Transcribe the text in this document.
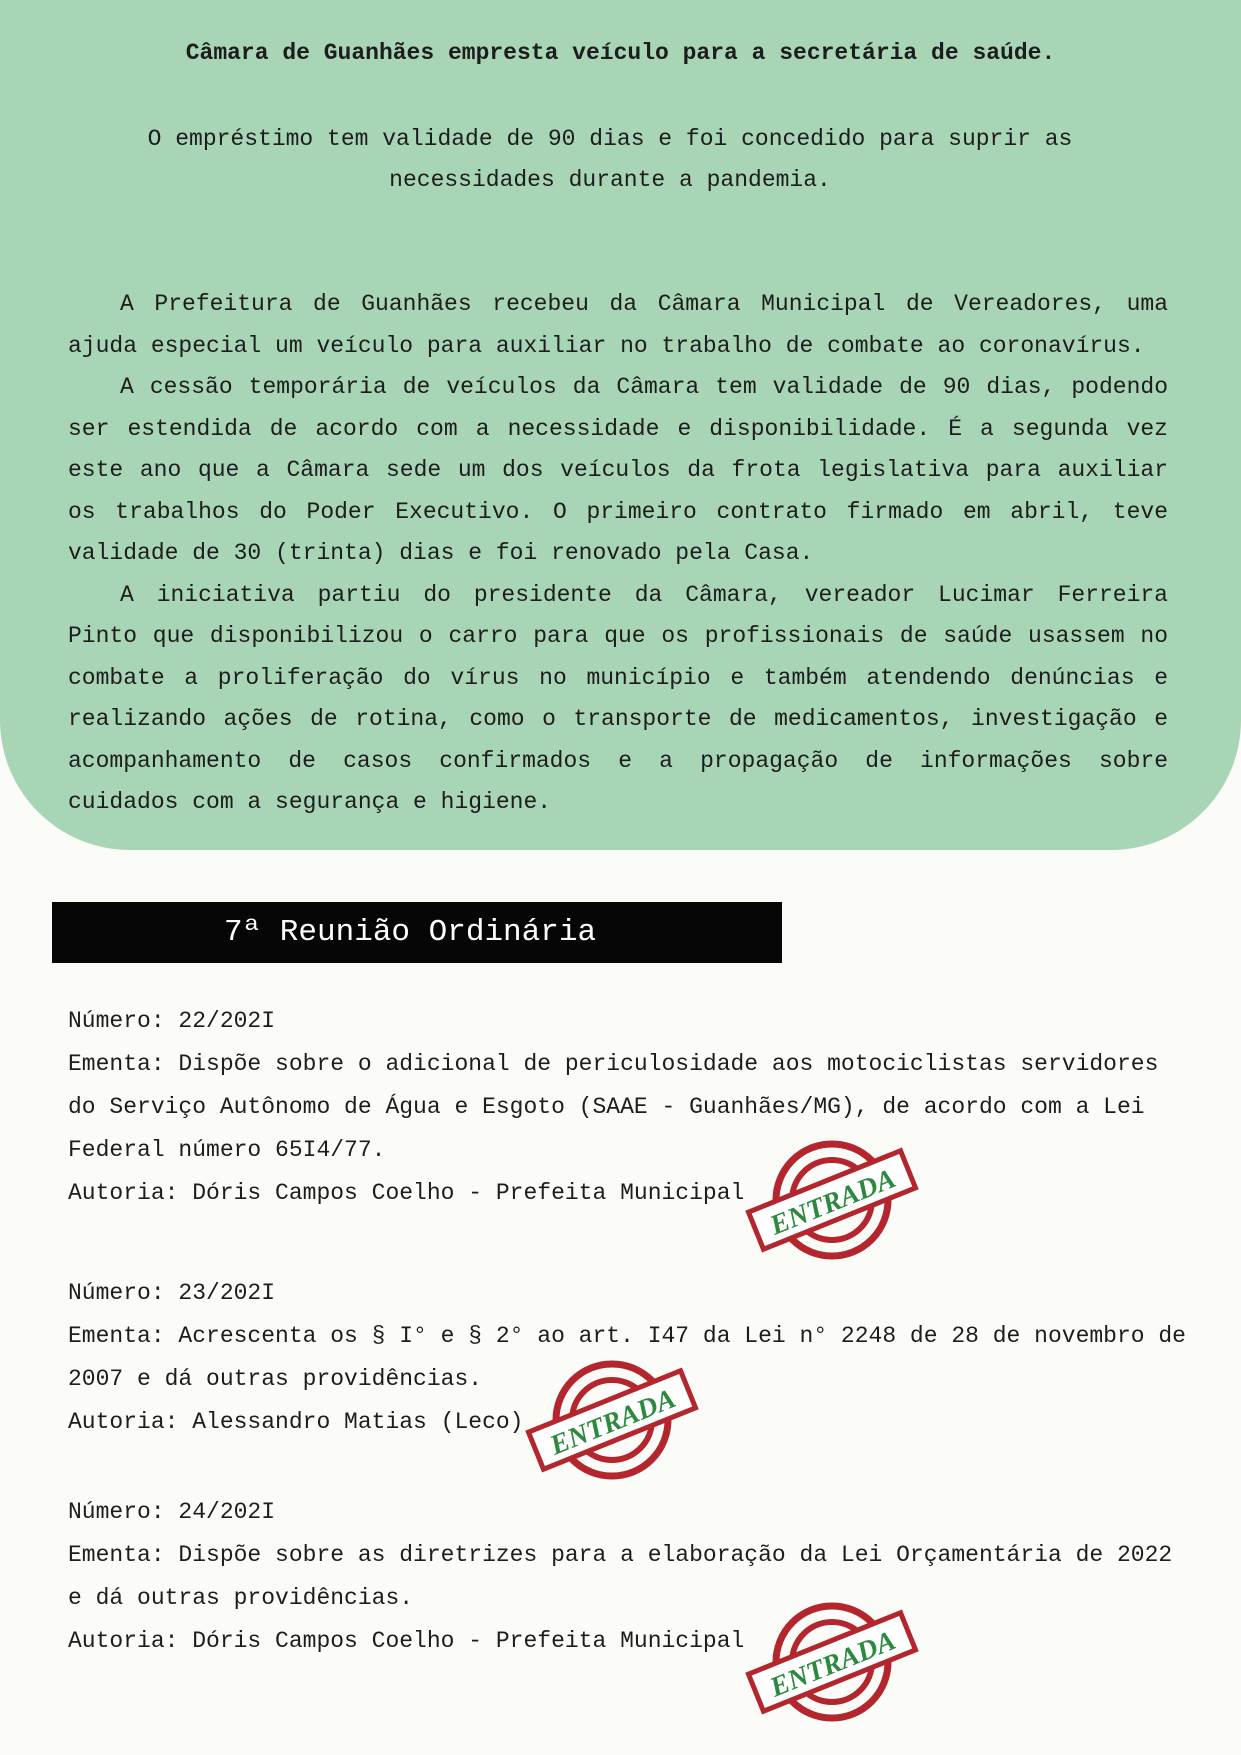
Câmara de Guanhães empresta veículo para a secretária de saúde.

O empréstimo tem validade de 90 dias e foi concedido para suprir as necessidades durante a pandemia.

A Prefeitura de Guanhães recebeu da Câmara Municipal de Vereadores, uma ajuda especial um veículo para auxiliar no trabalho de combate ao coronavírus.

A cessão temporária de veículos da Câmara tem validade de 90 dias, podendo ser estendida de acordo com a necessidade e disponibilidade. É a segunda vez este ano que a Câmara sede um dos veículos da frota legislativa para auxiliar os trabalhos do Poder Executivo. O primeiro contrato firmado em abril, teve validade de 30 (trinta) dias e foi renovado pela Casa.

A iniciativa partiu do presidente da Câmara, vereador Lucimar Ferreira Pinto que disponibilizou o carro para que os profissionais de saúde usassem no combate a proliferação do vírus no município e também atendendo denúncias e realizando ações de rotina, como o transporte de medicamentos, investigação e acompanhamento de casos confirmados e a propagação de informações sobre cuidados com a segurança e higiene.

7ª Reunião Ordinária
Número: 22/202I
Ementa: Dispõe sobre o adicional de periculosidade aos motociclistas servidores do Serviço Autônomo de Água e Esgoto (SAAE - Guanhães/MG), de acordo com a Lei Federal número 65I4/77.
Autoria: Dóris Campos Coelho - Prefeita Municipal ENTRADA
Número: 23/202I
Ementa: Acrescenta os § I° e § 2° ao art. I47 da Lei n° 2248 de 28 de novembro de 2007 e dá outras providências.
Autoria: Alessandro Matias (Leco) ENTRADA
Número: 24/202I
Ementa: Dispõe sobre as diretrizes para a elaboração da Lei Orçamentária de 2022 e dá outras providências.
Autoria: Dóris Campos Coelho - Prefeita Municipal ENTRADA
